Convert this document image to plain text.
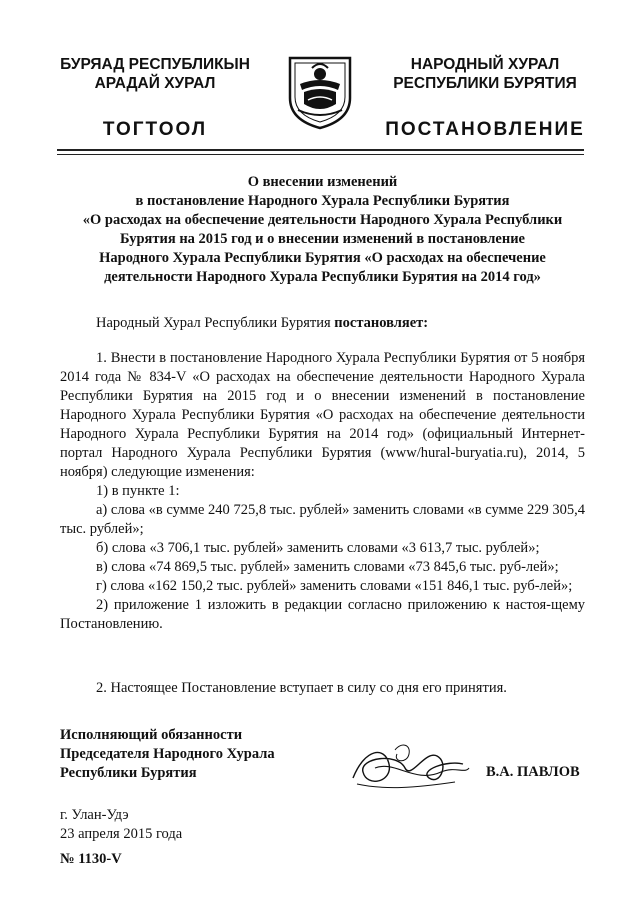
БУРЯАД РЕСПУБЛИКЫН
АРАДАЙ ХУРАЛ
НАРОДНЫЙ ХУРАЛ
РЕСПУБЛИКИ БУРЯТИЯ
ТОГТООЛ	ПОСТАНОВЛЕНИЕ
О внесении изменений
в постановление Народного Хурала Республики Бурятия
«О расходах на обеспечение деятельности Народного Хурала Республики
Бурятия на 2015 год и о внесении изменений в постановление
Народного Хурала Республики Бурятия «О расходах на обеспечение
деятельности Народного Хурала Республики Бурятия на 2014 год»
Народный Хурал Республики Бурятия постановляет:

1. Внести в постановление Народного Хурала Республики Бурятия от 5 ноября 2014 года № 834-V «О расходах на обеспечение деятельности Народного Хурала Республики Бурятия на 2015 год и о внесении изменений в постановление Народного Хурала Республики Бурятия «О расходах на обеспечение деятельности Народного Хурала Республики Бурятия на 2014 год» (официальный Интернет-портал Народного Хурала Республики Бурятия (www/hural-buryatia.ru), 2014, 5 ноября) следующие изменения:

1) в пункте 1:

а) слова «в сумме 240 725,8 тыс. рублей» заменить словами «в сумме 229 305,4 тыс. рублей»;

б) слова «3 706,1 тыс. рублей» заменить словами «3 613,7 тыс. рублей»;

в) слова «74 869,5 тыс. рублей» заменить словами «73 845,6 тыс. руб-лей»;

г) слова «162 150,2 тыс. рублей» заменить словами «151 846,1 тыс. руб-лей»;

2) приложение 1 изложить в редакции согласно приложению к настоя-щему Постановлению.

2. Настоящее Постановление вступает в силу со дня его принятия.

Исполняющий обязанности
Председателя Народного Хурала
Республики Бурятия	В.А. ПАВЛОВ
г. Улан-Удэ
23 апреля 2015 года
№ 1130-V
